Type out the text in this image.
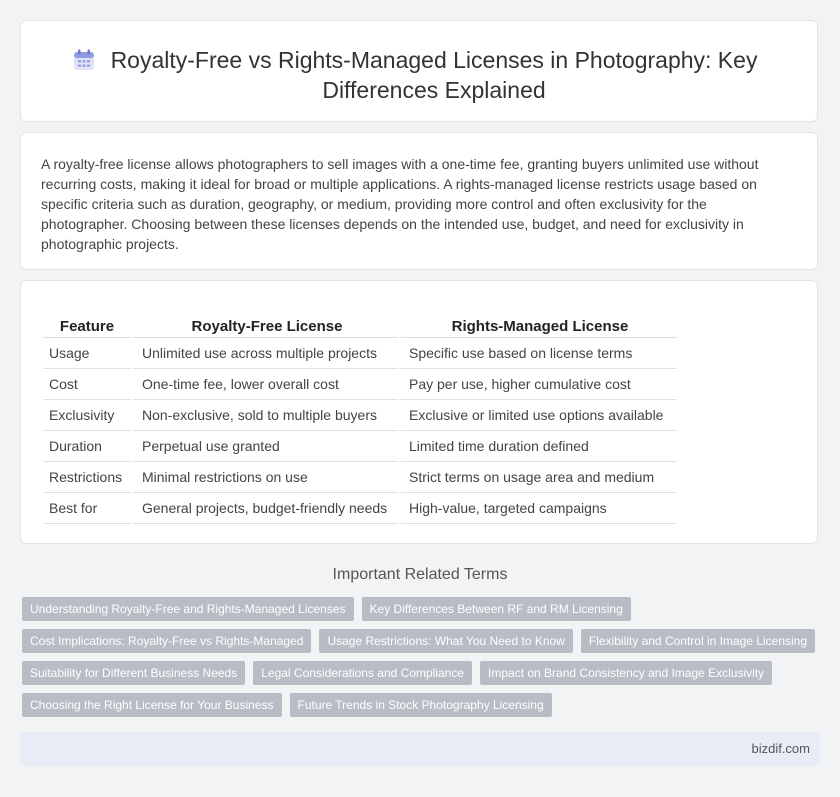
Royalty-Free vs Rights-Managed Licenses in Photography: Key Differences Explained
A royalty-free license allows photographers to sell images with a one-time fee, granting buyers unlimited use without recurring costs, making it ideal for broad or multiple applications. A rights-managed license restricts usage based on specific criteria such as duration, geography, or medium, providing more control and often exclusivity for the photographer. Choosing between these licenses depends on the intended use, budget, and need for exclusivity in photographic projects.
Feature	Royalty-Free License	Rights-Managed License
Usage	Unlimited use across multiple projects	Specific use based on license terms
Cost	One-time fee, lower overall cost	Pay per use, higher cumulative cost
Exclusivity	Non-exclusive, sold to multiple buyers	Exclusive or limited use options available
Duration	Perpetual use granted	Limited time duration defined
Restrictions	Minimal restrictions on use	Strict terms on usage area and medium
Best for	General projects, budget-friendly needs	High-value, targeted campaigns
Important Related Terms
Understanding Royalty-Free and Rights-Managed Licenses	Key Differences Between RF and RM Licensing
Cost Implications: Royalty-Free vs Rights-Managed	Usage Restrictions: What You Need to Know	Flexibility and Control in Image Licensing
Suitability for Different Business Needs	Legal Considerations and Compliance	Impact on Brand Consistency and Image Exclusivity
Choosing the Right License for Your Business	Future Trends in Stock Photography Licensing
bizdif.com
